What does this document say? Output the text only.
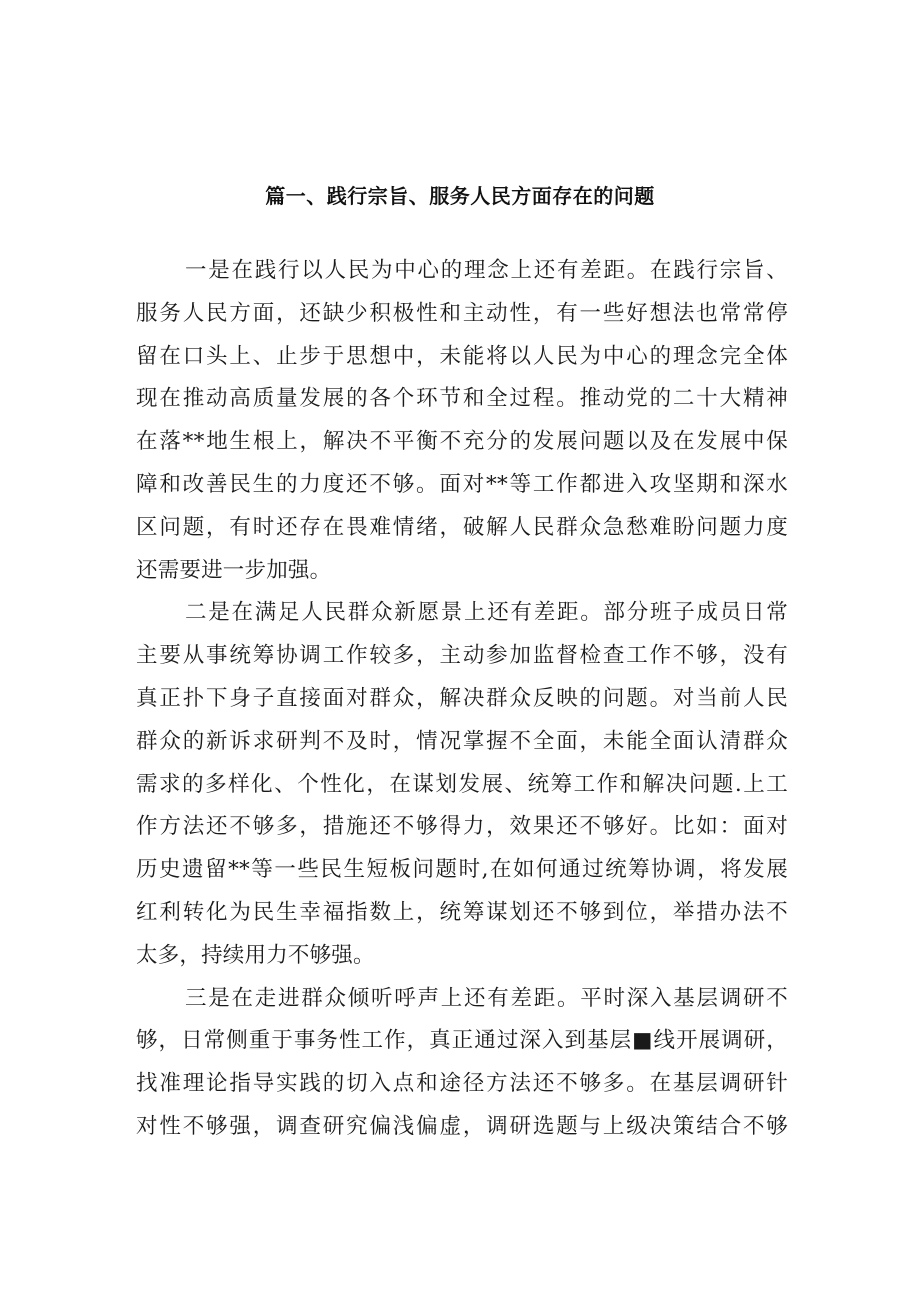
篇一、践行宗旨、服务人民方面存在的问题
一是在践行以人民为中心的理念上还有差距。在践行宗旨、
服务人民方面，还缺少积极性和主动性，有一些好想法也常常停
留在口头上、止步于思想中，未能将以人民为中心的理念完全体
现在推动高质量发展的各个环节和全过程。推动党的二十大精神
在落**地生根上，解决不平衡不充分的发展问题以及在发展中保
障和改善民生的力度还不够。面对**等工作都进入攻坚期和深水
区问题，有时还存在畏难情绪，破解人民群众急愁难盼问题力度
还需要进一步加强。
二是在满足人民群众新愿景上还有差距。部分班子成员日常
主要从事统筹协调工作较多，主动参加监督检查工作不够，没有
真正扑下身子直接面对群众，解决群众反映的问题。对当前人民
群众的新诉求研判不及时，情况掌握不全面，未能全面认清群众
需求的多样化、个性化，在谋划发展、统筹工作和解决问题.上工
作方法还不够多，措施还不够得力，效果还不够好。比如：面对
历史遗留**等一些民生短板问题时,在如何通过统筹协调，将发展
红利转化为民生幸福指数上，统筹谋划还不够到位，举措办法不
太多，持续用力不够强。
三是在走进群众倾听呼声上还有差距。平时深入基层调研不
够，日常侧重于事务性工作，真正通过深入到基层■线开展调研，
找准理论指导实践的切入点和途径方法还不够多。在基层调研针
对性不够强，调查研究偏浅偏虚，调研选题与上级决策结合不够
